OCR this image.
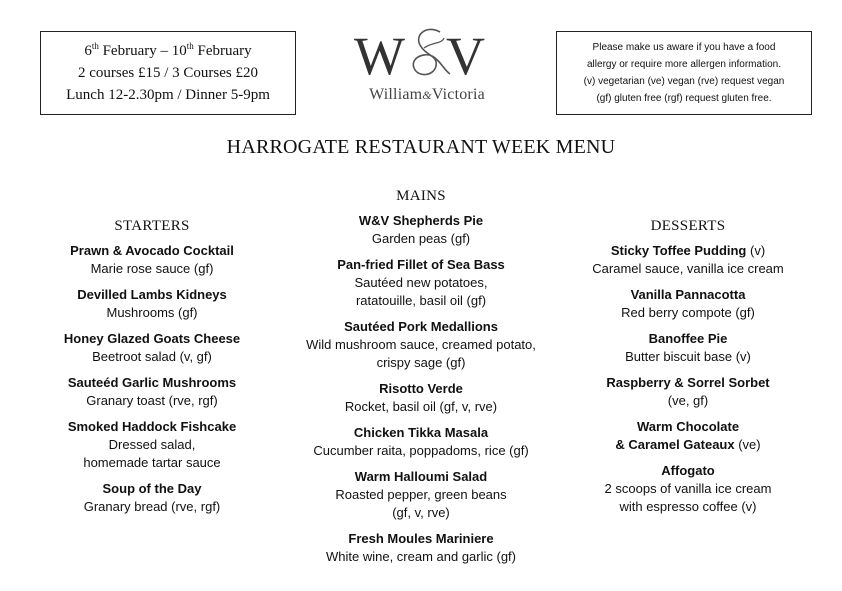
6th February – 10th February
2 courses £15 / 3 Courses £20
Lunch 12-2.30pm / Dinner 5-9pm
W V
William&Victoria
Please make us aware if you have a food
allergy or require more allergen information.
(v) vegetarian (ve) vegan (rve) request vegan
(gf) gluten free (rgf) request gluten free.
HARROGATE RESTAURANT WEEK MENU
STARTERS
Prawn & Avocado Cocktail
Marie rose sauce (gf)
Devilled Lambs Kidneys
Mushrooms (gf)
Honey Glazed Goats Cheese
Beetroot salad (v, gf)
Sauteéd Garlic Mushrooms
Granary toast (rve, rgf)
Smoked Haddock Fishcake
Dressed salad,
homemade tartar sauce
Soup of the Day
Granary bread (rve, rgf)
MAINS
W&V Shepherds Pie
Garden peas (gf)
Pan-fried Fillet of Sea Bass
Sautéed new potatoes,
ratatouille, basil oil (gf)
Sautéed Pork Medallions
Wild mushroom sauce, creamed potato,
crispy sage (gf)
Risotto Verde
Rocket, basil oil (gf, v, rve)
Chicken Tikka Masala
Cucumber raita, poppadoms, rice (gf)
Warm Halloumi Salad
Roasted pepper, green beans
(gf, v, rve)
Fresh Moules Mariniere
White wine, cream and garlic (gf)
DESSERTS
Sticky Toffee Pudding (v)
Caramel sauce, vanilla ice cream
Vanilla Pannacotta
Red berry compote (gf)
Banoffee Pie
Butter biscuit base (v)
Raspberry & Sorrel Sorbet
(ve, gf)
Warm Chocolate
& Caramel Gateaux (ve)
Affogato
2 scoops of vanilla ice cream
with espresso coffee (v)
